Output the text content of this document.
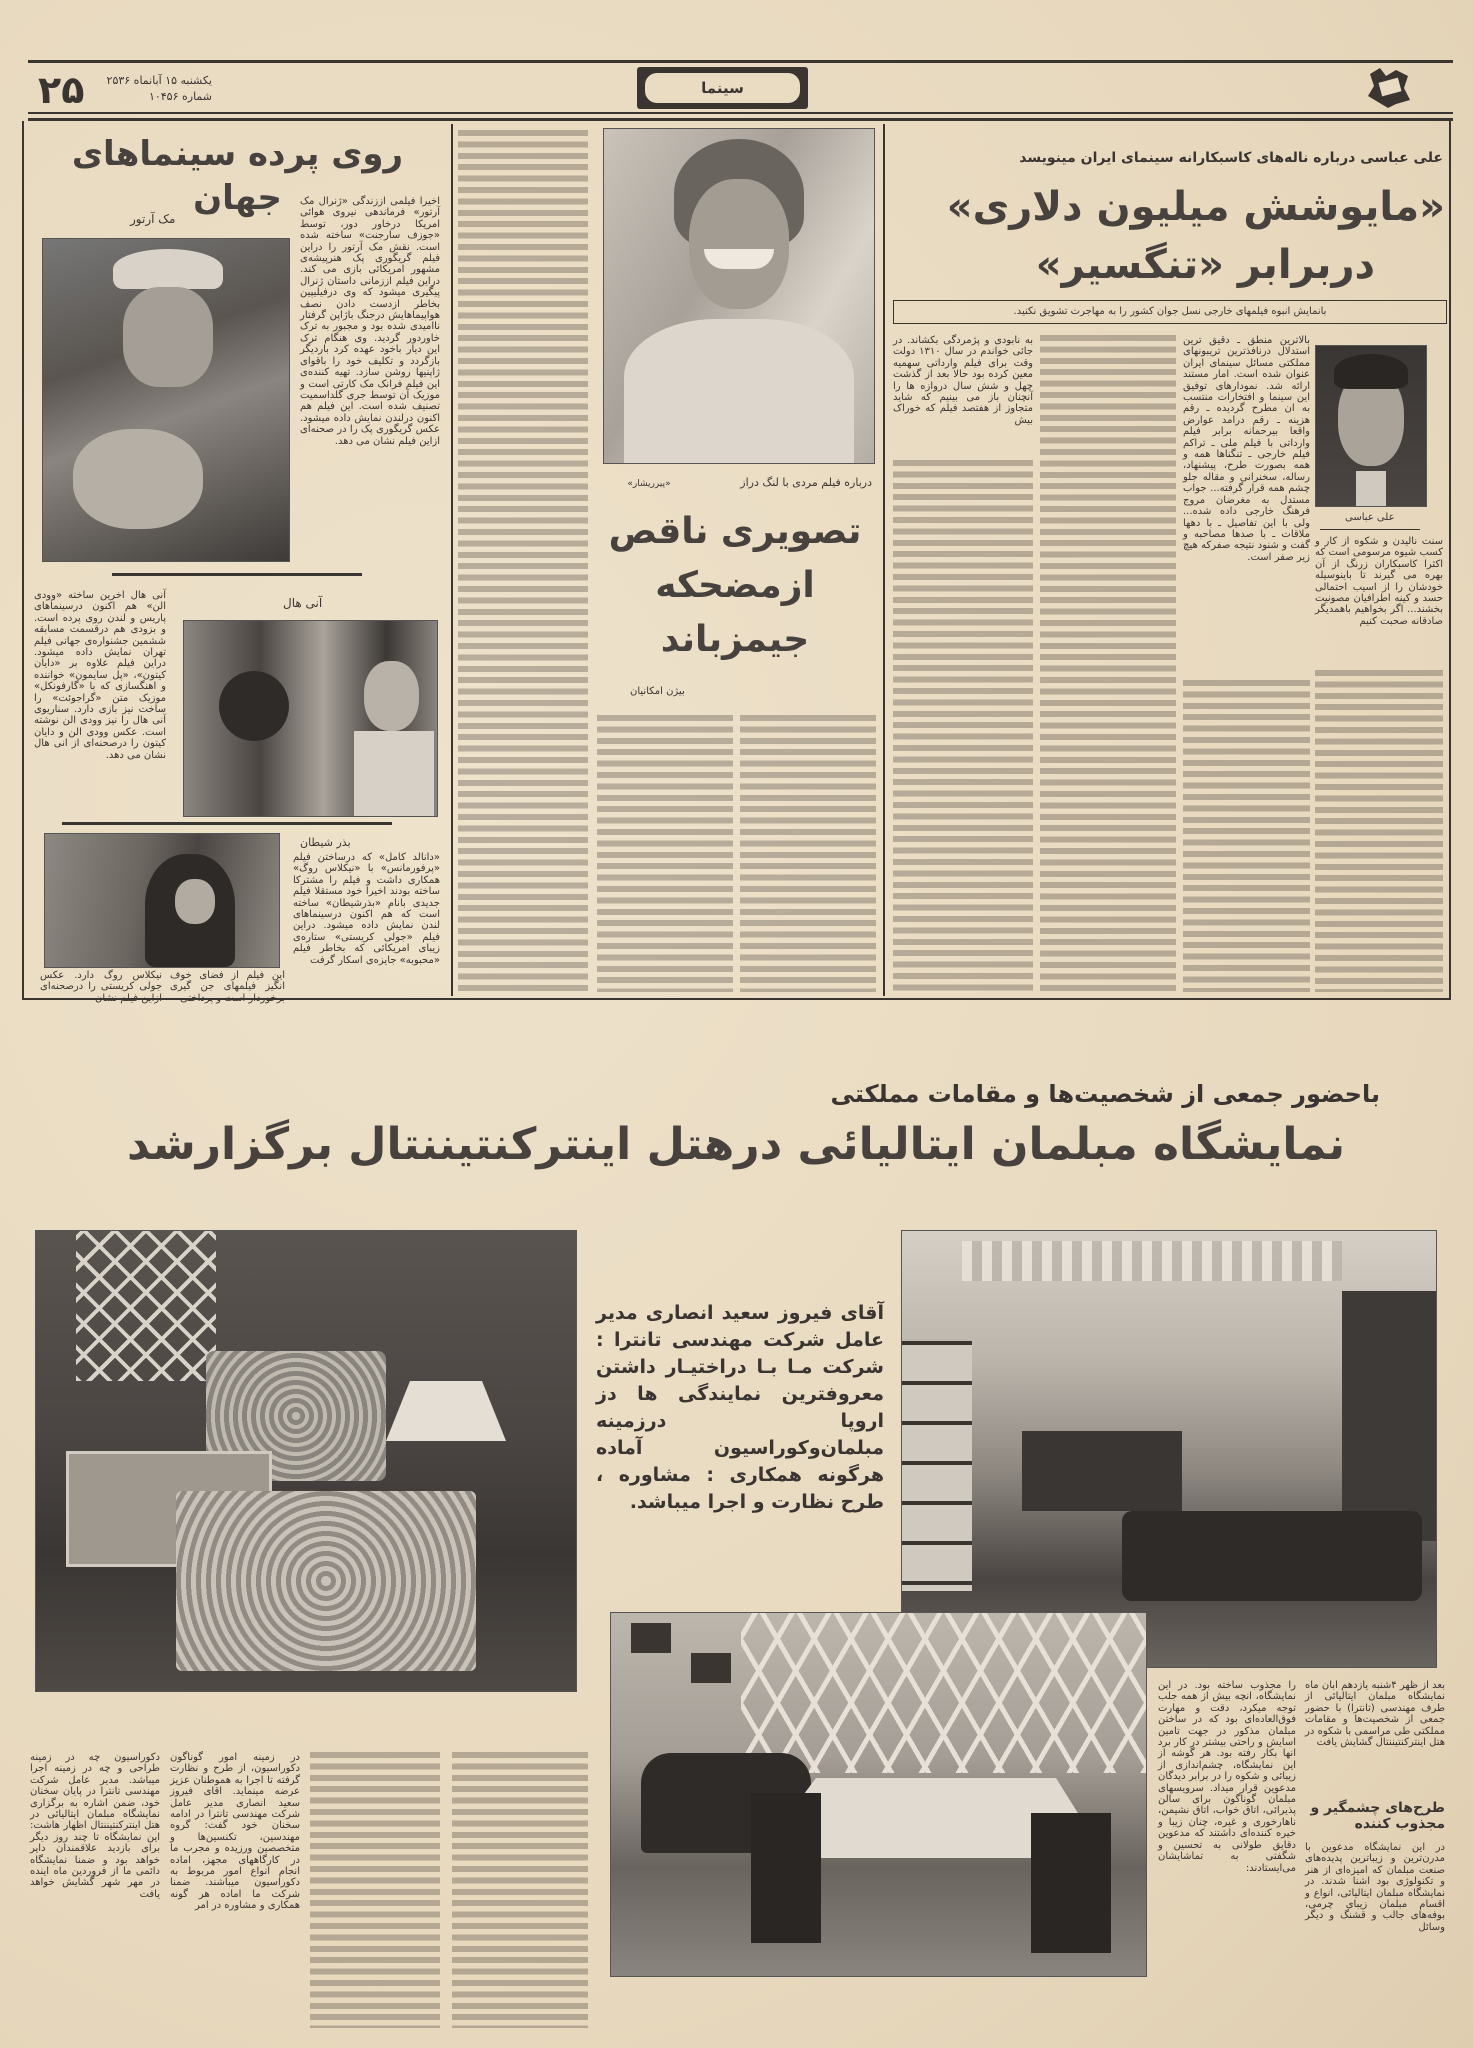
۲۵	یکشنبه ۱۵ آبانماه ۲۵۳۶
شماره ۱۰۴۵۶	سینما
روی پرده سینماهای جهان
مک آرتور
اخیرا فیلمی اززندگی «ژنرال مک آرتور» فرماندهی نیروی هوائی امریکا درخاور دور، توسط «جوزف سارجنت» ساخته شده است. نقش مک آرتور را دراین فیلم گریگوری پک هنرپیشه‌ی مشهور امریکائی بازی می کند. دراین فیلم اززمانی داستان ژنرال پیگیری میشود که وی درفیلیپین بخاطر ازدست دادن نصف هواپیماهایش درجنگ باژاپن گرفتار ناامیدی شده بود و مجبور به ترک خاوردور گردید. وی هنگام ترک این دیار باخود عهده کرد باردیگر بازگردد و تکلیف خود را باقوای ژاپنیها روشن سازد. تهیه کننده‌ی این فیلم فرانک مک کارتی است و موزیک آن توسط جری گلداسمیت تصنیف شده است. این فیلم هم اکنون درلندن نمایش داده میشود. عکس گریگوری پک را در صحنه‌ای ازاین فیلم نشان می دهد.
آنی هال
آنی هال اخرین ساخته «وودی الن» هم اکنون درسینماهای پاریس و لندن روی پرده است. و بزودی هم درقسمت مسابقه ششمین جشنواره‌ی جهانی فیلم تهران نمایش داده میشود. دراین فیلم علاوه بر «دایان کیتون»، «پل سایمون» خواننده و اهنگسازی که با «گارفونکل» موزیک متن «گراجوئت» را ساخت نیز بازی دارد. سناریوی آنی هال را نیز وودی الن نوشته است. عکس وودی الن و دایان کیتون را درصحنه‌ای از انی هال نشان می دهد.
بذر شیطان
«دانالد کامل» که درساختن فیلم «پرفورمانس» با «نیکلاس روگ» همکاری داشت و فیلم را مشترکا ساخته بودند اخیرا خود مستقلا فیلم جدیدی بانام «بذرشیطان» ساخته است که هم اکنون درسینماهای لندن نمایش داده میشود. دراین فیلم «جولی کریستی» ستاره‌ی زیبای امریکائی که بخاطر فیلم «محبوبه» جایزه‌ی اسکار گرفت
این فیلم از فضای خوف انگیز فیلمهای جن گیری برخوردار است و پرداختی
نیکلاس روگ دارد. عکس جولی کریستی را درصحنه‌ای ازاین فیلم نشان
درباره فیلم مردی با لنگ دراز
«پیرریشار»
تصویری ناقص
ازمضحکه
جیمزباند
بیژن امکانیان
علی عباسی درباره ناله‌های کاسبکارانه سینمای ایران مینویسد
«مایوشش میلیون دلاری»
دربرابر «تنگسیر»
بانمایش انبوه فیلمهای خارجی نسل جوان کشور را به مهاجرت تشویق نکنید.
به نابودی و پژمردگی بکشاند. در جائی خواندم در سال ۱۳۱۰ دولت وقت برای فیلم وارداتی سهمیه معین کرده بود حالا بعد از گذشت چهل و شش سال دروازه ها را آنچنان باز می بینیم که شاید متجاوز از هفتصد فیلم که خوراک بیش
بالاترین منطق ـ دقیق ترین استدلال درنافذترین تریبونهای مملکتی مسائل سینمای ایران عنوان شده است. امار مستند ارائه شد. نمودارهای توفیق این سینما و افتخارات منتسب به ان مطرح گردیده ـ رقم هزینه ـ رقم درامد عوارض واقعا بیرحمانه برابر فیلم وارداتی با فیلم ملی ـ تراکم فیلم خارجی ـ تنگناها همه و همه بصورت طرح، پیشنهاد، رساله، سخنرانی و مقاله جلو چشم همه قرار گرفته... جواب مستدل به مغرضان مروج فرهنگ خارجی داده شده... ولی با این تفاصیل ـ با دهها ملاقات ـ با صدها مصاحبه و گفت و شنود نتیجه صفرکه هیچ زیر صفر است.
علی عباسی
سنت نالیدن و شکوه از کار و کسب شیوه مرسومی است که اکثرا کاسبکاران زرنگ از آن بهره می گیرند تا باینوسیله خودشان را از اسیب احتمالی حسد و کینه اطرافیان مصونیت بخشند... اگر بخواهیم باهمدیگر صادقانه صحبت کنیم
باحضور جمعی از شخصیت‌ها و مقامات مملکتی
نمایشگاه مبلمان ایتالیائی درهتل اینترکنتیننتال برگزارشد
آقای فیروز سعید انصاری مدیر عامل شرکت مهندسی تانترا : شرکت مـا بـا دراختیـار داشتن معروفترین نمایندگی ها دز اروپا درزمینه مبلمان‌وکوراسیون آماده هرگونه همکاری : مشاوره ، طرح نظارت و اجرا میباشد.
بعد از ظهر ۴شنبه یازدهم ابان ماه نمایشگاه مبلمان ایتالیائی از طرف مهندسی (تانترا) با حضور جمعی از شخصیت‌ها و مقامات مملکتی طی مراسمی با شکوه در هتل اینترکنتیننتال گشایش یافت
طرح‌های چشمگیر و مجذوب کننده
در این نمایشگاه مدعوین با مدرن‌ترین و زیباترین پدیده‌های صنعت مبلمان که امیزه‌ای از هنر و تکنولوژی بود اشنا شدند. در نمایشگاه مبلمان ایتالیائی، انواع و اقسام مبلمان زیبای چرمی، بوفه‌های جالب و قشنگ و دیگر وسائل
را مجذوب ساخته بود. در این نمایشگاه، انچه بیش از همه جلب توجه میکرد، دقت و مهارت فوق‌العاده‌ای بود که در ساختن مبلمان مذکور در جهت تامین اسایش و راحتی بیشتر در کار برد انها بکار رفته بود. هر گوشه از این نمایشگاه، چشم‌اندازی از زیبائی و شکوه را در برابر دیدگان مدعوین قرار میداد. سرویسهای مبلمان گوناگون برای سالن پذیرائی، اتاق خواب، اتاق نشیمن، ناهارخوری و غیره، چنان زیبا و خیره کننده‌ای داشتند که مدعوین دقایق طولانی به تحسین و شگفتی به تماشایشان می‌ایستادند:
دکوراسیون چه در زمینه طراحی و چه در زمینه اجرا میباشد. مدیر عامل شرکت مهندسی تانترا در پایان سخنان خود، ضمن اشاره به برگزاری نمایشگاه مبلمان ایتالیائی در هتل اینترکنتیننتال اظهار هاشت: این نمایشگاه تا چند روز دیگر برای بازدید علاقمندان دایر خواهد بود و ضمنا نمایشگاه دائمی ما از فروردین ماه اینده در مهر شهر گشایش خواهد یافت
در زمینه امور گوناگون دکوراسیون، از طرح و نظارت گرفته تا اجرا به هموطنان عزیز عرضه مینماید. اقای فیروز سعید انصاری مدیر عامل شرکت مهندسی تانترا در ادامه سخنان خود گفت: گروه مهندسین، تکنسین‌ها و متخصصین ورزیده و مجرب ما در کارگاههای مجهز، اماده انجام انواع امور مربوط به دکوراسیون میباشند. ضمنا شرکت ما اماده هر گونه همکاری و مشاوره در امر
